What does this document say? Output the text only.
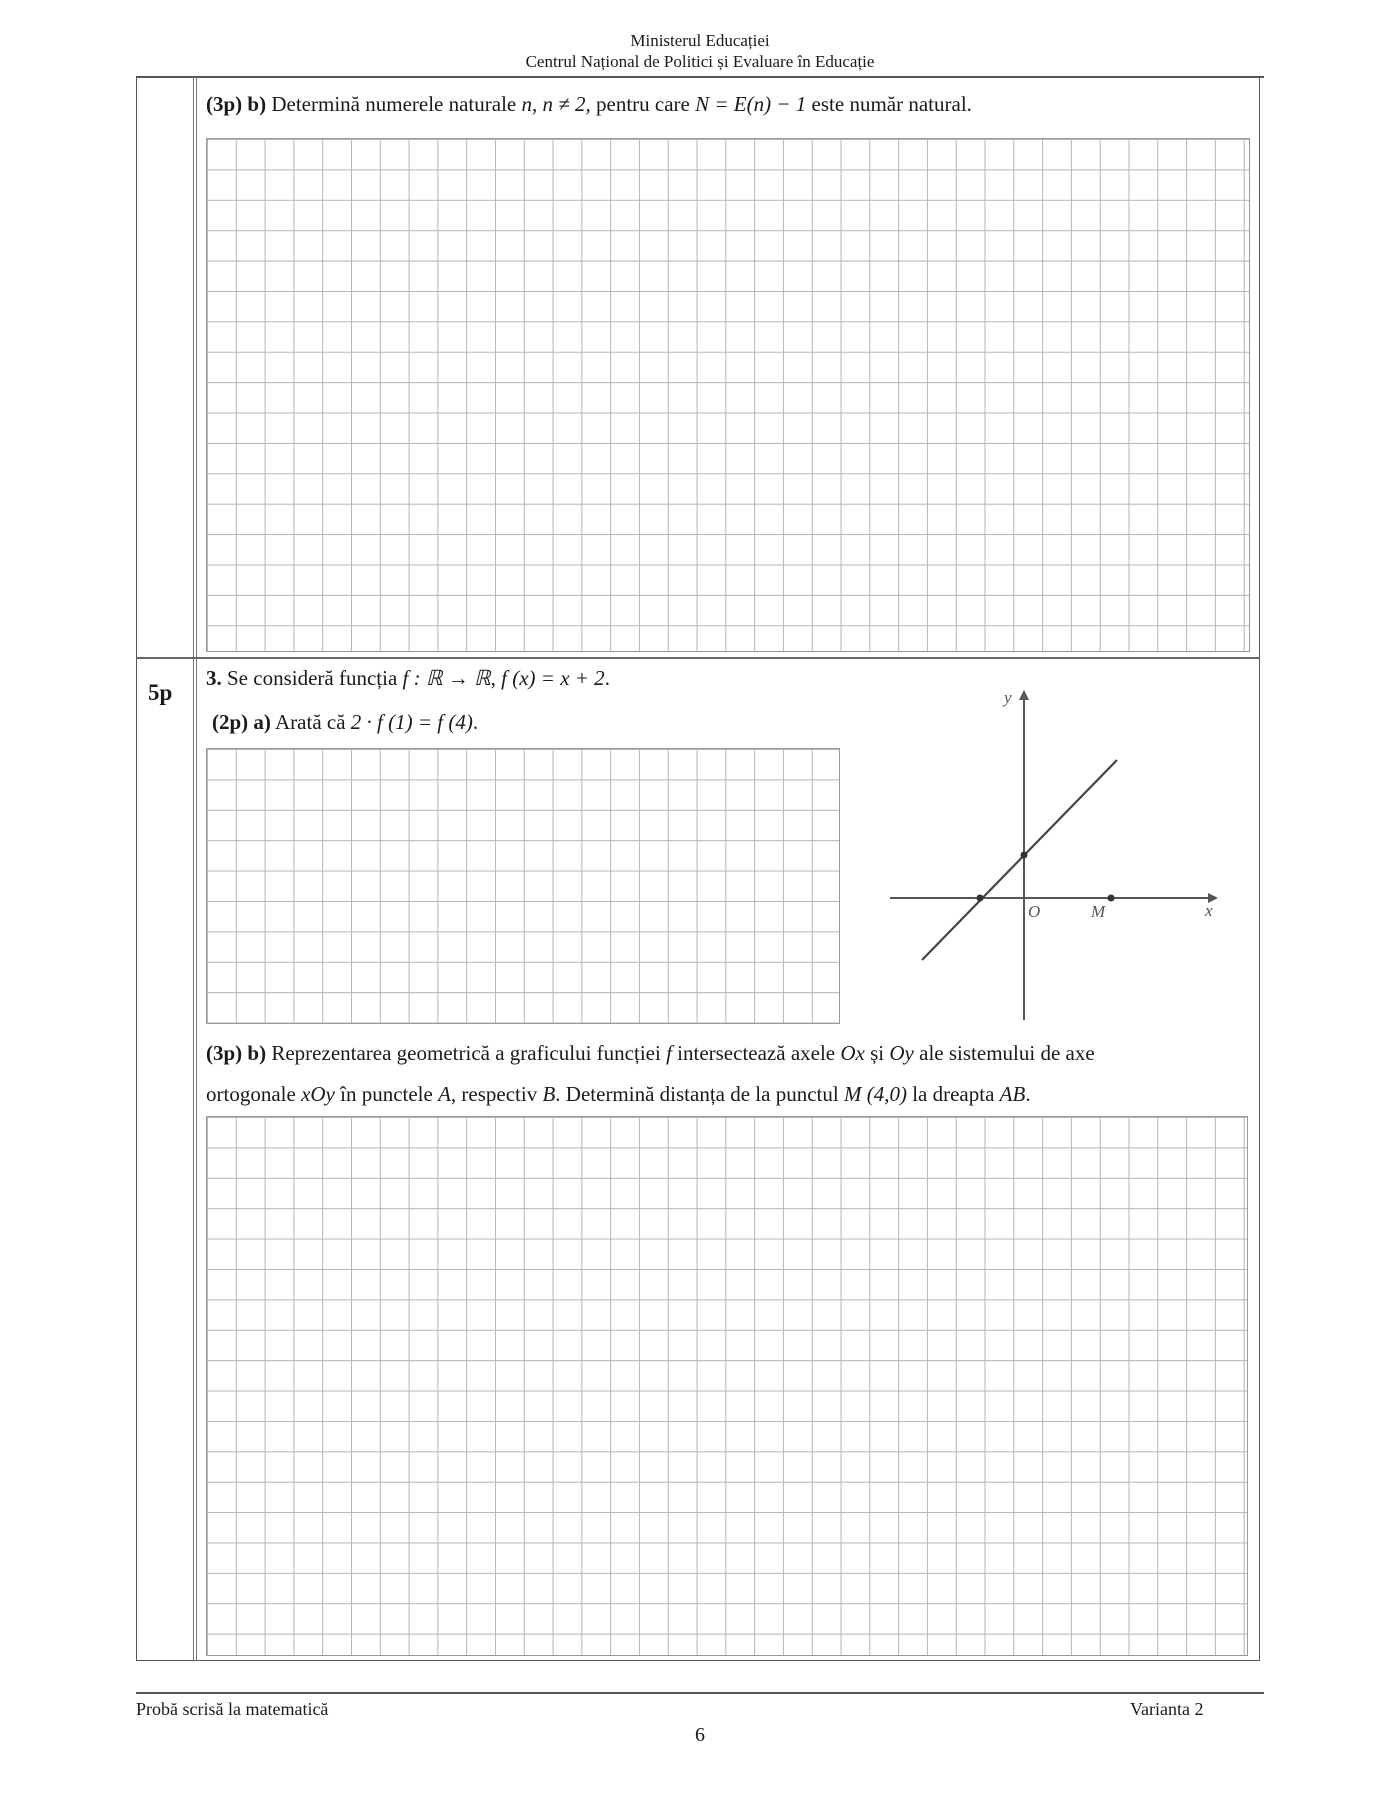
Ministerul Educației
Centrul Național de Politici și Evaluare în Educație
(3p) b) Determină numerele naturale n, n ≠ 2, pentru care N = E(n) − 1 este număr natural.
5p
3. Se consideră funcția f : ℝ → ℝ, f (x) = x + 2.
(2p) a) Arată că 2 · f (1) = f (4).
y
x
O	M
(3p) b) Reprezentarea geometrică a graficului funcției f intersectează axele Ox și Oy ale sistemului de axe
ortogonale xOy în punctele A, respectiv B. Determină distanța de la punctul M (4,0) la dreapta AB.
Probă scrisă la matematică	Varianta 2
6
